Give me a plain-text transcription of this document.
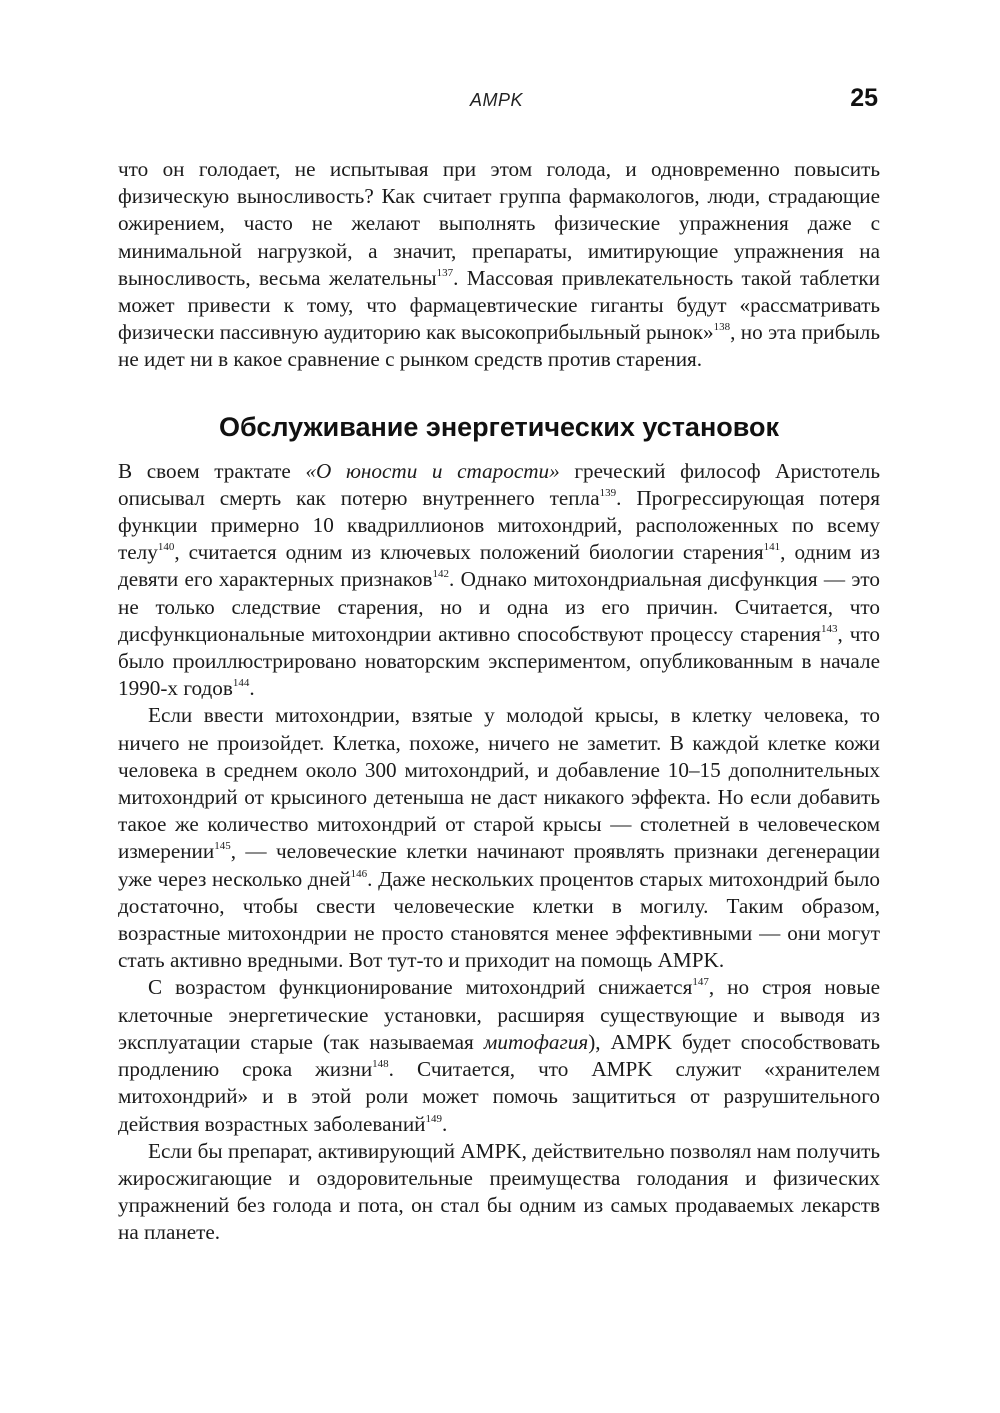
AMPK	25

что он голодает, не испытывая при этом голода, и одновременно повысить физическую выносливость? Как считает группа фармакологов, люди, страдающие ожирением, часто не желают выполнять физические упражнения даже с минимальной нагрузкой, а значит, препараты, имитирующие упражнения на выносливость, весьма желательны$^{137}$. Массовая привлекательность такой таблетки может привести к тому, что фармацевтические гиганты будут «рассматривать физически пассивную аудиторию как высокоприбыльный рынок»$^{138}$, но эта прибыль не идет ни в какое сравнение с рынком средств против старения.

Обслуживание энергетических установок

В своем трактате «О юности и старости» греческий философ Аристотель описывал смерть как потерю внутреннего тепла$^{139}$. Прогрессирующая потеря функции примерно 10 квадриллионов митохондрий, расположенных по всему телу$^{140}$, считается одним из ключевых положений биологии старения$^{141}$, одним из девяти его характерных признаков$^{142}$. Однако митохондриальная дисфункция — это не только следствие старения, но и одна из его причин. Считается, что дисфункциональные митохондрии активно способствуют процессу старения$^{143}$, что было проиллюстрировано новаторским экспериментом, опубликованным в начале 1990-х годов$^{144}$.

Если ввести митохондрии, взятые у молодой крысы, в клетку человека, то ничего не произойдет. Клетка, похоже, ничего не заметит. В каждой клетке кожи человека в среднем около 300 митохондрий, и добавление 10–15 дополнительных митохондрий от крысиного детеныша не даст никакого эффекта. Но если добавить такое же количество митохондрий от старой крысы — столетней в человеческом измерении$^{145}$, — человеческие клетки начинают проявлять признаки дегенерации уже через несколько дней$^{146}$. Даже нескольких процентов старых митохондрий было достаточно, чтобы свести человеческие клетки в могилу. Таким образом, возрастные митохондрии не просто становятся менее эффективными — они могут стать активно вредными. Вот тут-то и приходит на помощь AMPK.

С возрастом функционирование митохондрий снижается$^{147}$, но строя новые клеточные энергетические установки, расширяя существующие и выводя из эксплуатации старые (так называемая митофагия), AMPK будет способствовать продлению срока жизни$^{148}$. Считается, что AMPK служит «хранителем митохондрий» и в этой роли может помочь защититься от разрушительного действия возрастных заболеваний$^{149}$.

Если бы препарат, активирующий AMPK, действительно позволял нам получить жиросжигающие и оздоровительные преимущества голодания и физических упражнений без голода и пота, он стал бы одним из самых продаваемых лекарств на планете.
